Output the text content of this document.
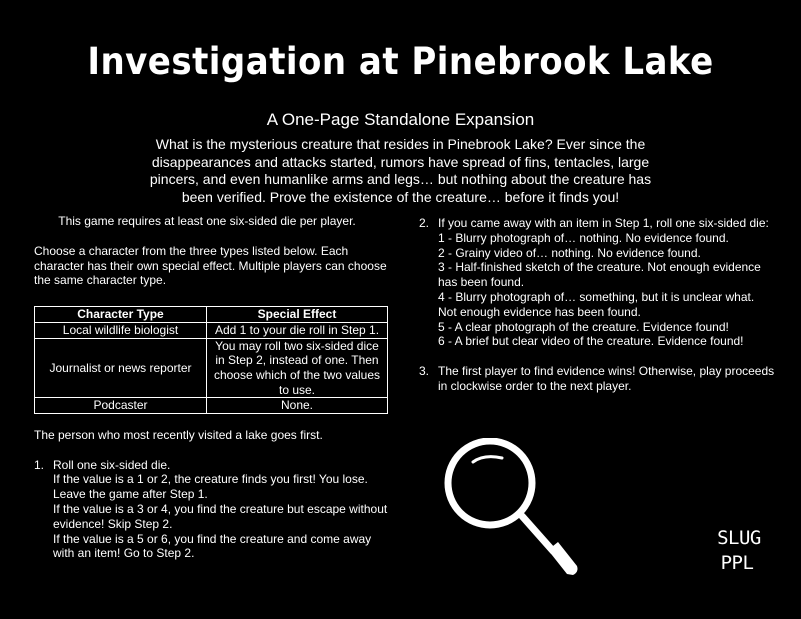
Investigation at Pinebrook Lake
A One-Page Standalone Expansion
What is the mysterious creature that resides in Pinebrook Lake? Ever since the disappearances and attacks started, rumors have spread of fins, tentacles, large pincers, and even humanlike arms and legs… but nothing about the creature has been verified. Prove the existence of the creature… before it finds you!

This game requires at least one six-sided die per player.

Choose a character from the three types listed below. Each character has their own special effect. Multiple players can choose the same character type.

Character Type	Special Effect
Local wildlife biologist	Add 1 to your die roll in Step 1.
Journalist or news reporter	You may roll two six-sided dice in Step 2, instead of one. Then choose which of the two values to use.
Podcaster	None.

The person who most recently visited a lake goes first.

1. Roll one six-sided die.
If the value is a 1 or 2, the creature finds you first! You lose. Leave the game after Step 1.
If the value is a 3 or 4, you find the creature but escape without evidence! Skip Step 2.
If the value is a 5 or 6, you find the creature and come away with an item! Go to Step 2.
2. If you came away with an item in Step 1, roll one six-sided die:
1 - Blurry photograph of… nothing. No evidence found.
2 - Grainy video of… nothing. No evidence found.
3 - Half-finished sketch of the creature. Not enough evidence has been found.
4 - Blurry photograph of… something, but it is unclear what. Not enough evidence has been found.
5 - A clear photograph of the creature. Evidence found!
6 - A brief but clear video of the creature. Evidence found!
3. The first player to find evidence wins! Otherwise, play proceeds in clockwise order to the next player.
SLUG
PPL
